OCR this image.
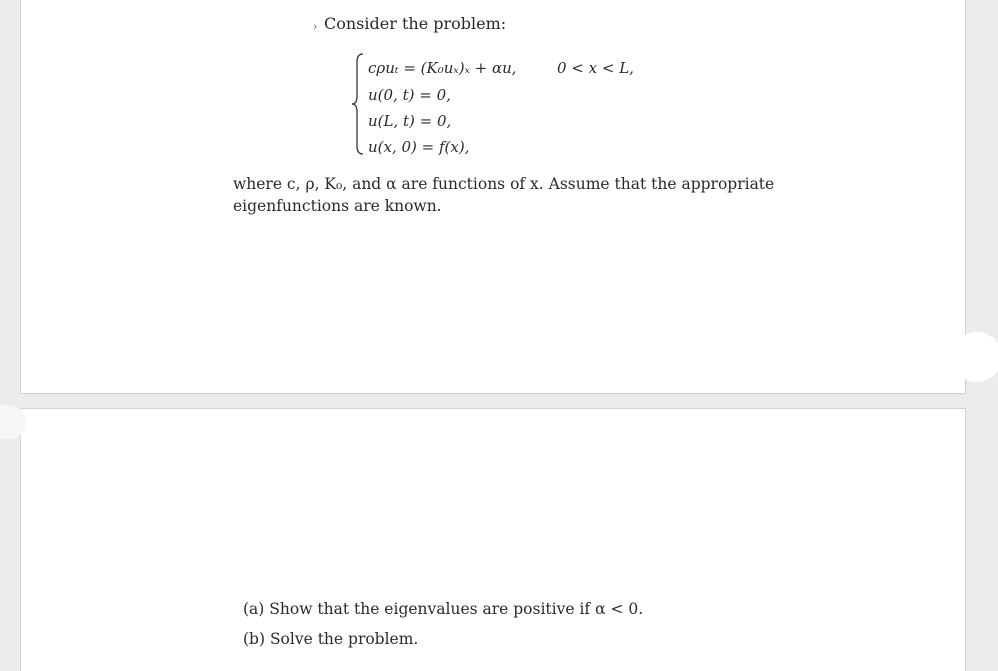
› Consider the problem:
cρuₜ = (K₀uₓ)ₓ + αu,	0 < x < L,
u(0, t) = 0,
u(L, t) = 0,
u(x, 0) = f(x),
where c, ρ, K₀, and α are functions of x. Assume that the appropriate
eigenfunctions are known.
(a) Show that the eigenvalues are positive if α < 0.
(b) Solve the problem.
